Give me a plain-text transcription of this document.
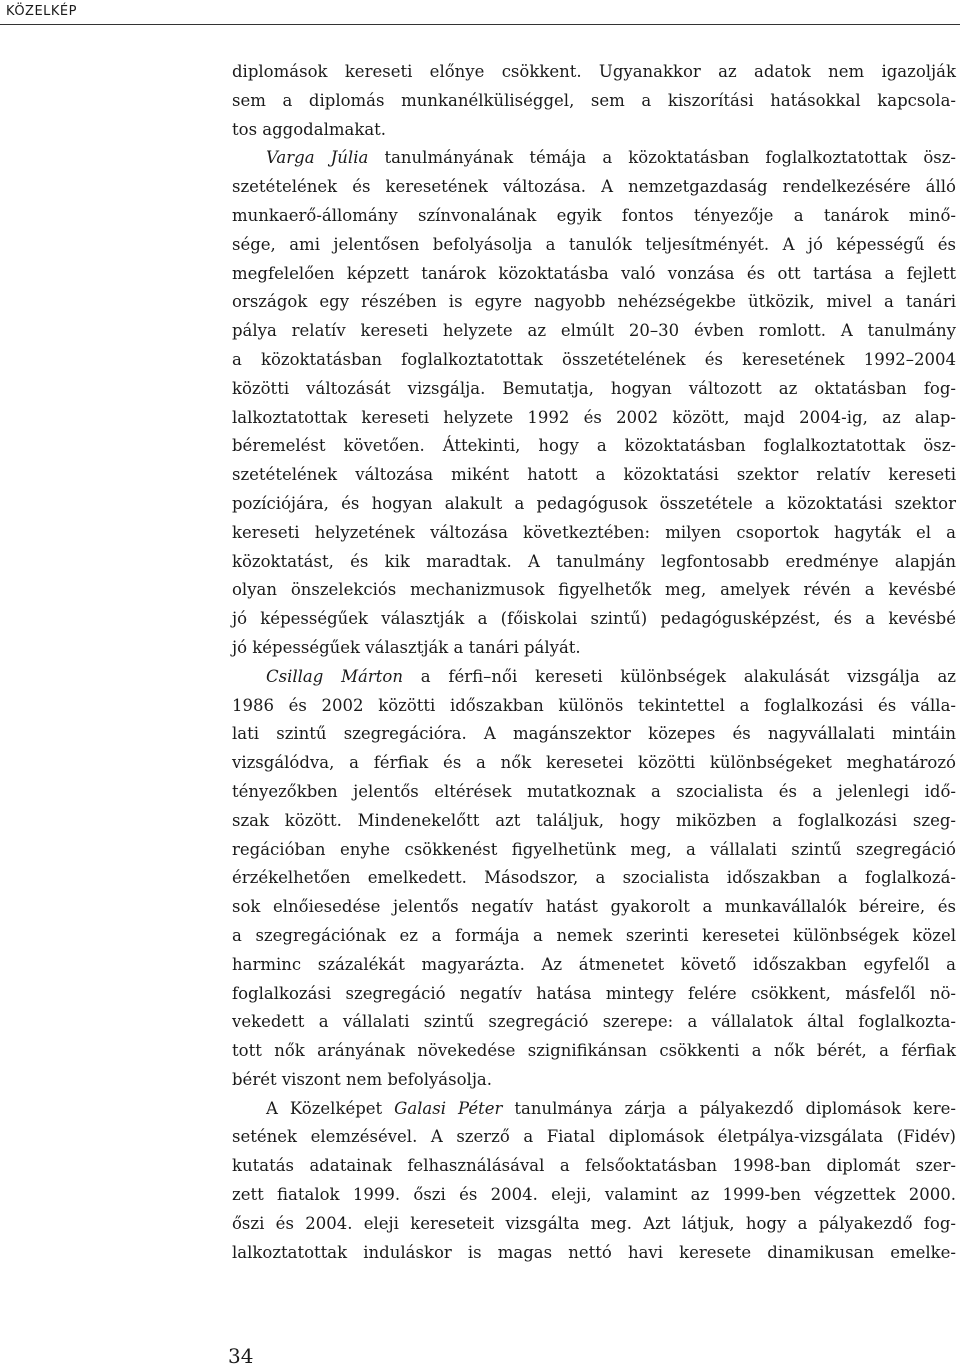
KÖZELKÉP
diplomások kereseti előnye csökkent. Ugyanakkor az adatok nem igazolják
sem a diplomás munkanélküliséggel, sem a kiszorítási hatásokkal kapcsola-
tos aggodalmakat.
Varga Júlia tanulmányának témája a közoktatásban foglalkoztatottak ösz-
szetételének és keresetének változása. A nemzetgazdaság rendelkezésére álló
munkaerő-állomány színvonalának egyik fontos tényezője a tanárok minő-
sége, ami jelentősen befolyásolja a tanulók teljesítményét. A jó képességű és
megfelelően képzett tanárok közoktatásba való vonzása és ott tartása a fejlett
országok egy részében is egyre nagyobb nehézségekbe ütközik, mivel a tanári
pálya relatív kereseti helyzete az elmúlt 20–30 évben romlott. A tanulmány
a közoktatásban foglalkoztatottak összetételének és keresetének 1992–2004
közötti változását vizsgálja. Bemutatja, hogyan változott az oktatásban fog-
lalkoztatottak kereseti helyzete 1992 és 2002 között, majd 2004-ig, az alap-
béremelést követően. Áttekinti, hogy a közoktatásban foglalkoztatottak ösz-
szetételének változása miként hatott a közoktatási szektor relatív kereseti
pozíciójára, és hogyan alakult a pedagógusok összetétele a közoktatási szektor
kereseti helyzetének változása következtében: milyen csoportok hagyták el a
közoktatást, és kik maradtak. A tanulmány legfontosabb eredménye alapján
olyan önszelekciós mechanizmusok figyelhetők meg, amelyek révén a kevésbé
jó képességűek választják a (főiskolai szintű) pedagógusképzést, és a kevésbé
jó képességűek választják a tanári pályát.
Csillag Márton a férfi–női kereseti különbségek alakulását vizsgálja az
1986 és 2002 közötti időszakban különös tekintettel a foglalkozási és válla-
lati szintű szegregációra. A magánszektor közepes és nagyvállalati mintáin
vizsgálódva, a férfiak és a nők keresetei közötti különbségeket meghatározó
tényezőkben jelentős eltérések mutatkoznak a szocialista és a jelenlegi idő-
szak között. Mindenekelőtt azt találjuk, hogy miközben a foglalkozási szeg-
regációban enyhe csökkenést figyelhetünk meg, a vállalati szintű szegregáció
érzékelhetően emelkedett. Másodszor, a szocialista időszakban a foglalkozá-
sok elnőiesedése jelentős negatív hatást gyakorolt a munkavállalók béreire, és
a szegregációnak ez a formája a nemek szerinti keresetei különbségek közel
harminc százalékát magyarázta. Az átmenetet követő időszakban egyfelől a
foglalkozási szegregáció negatív hatása mintegy felére csökkent, másfelől nö-
vekedett a vállalati szintű szegregáció szerepe: a vállalatok által foglalkozta-
tott nők arányának növekedése szignifikánsan csökkenti a nők bérét, a férfiak
bérét viszont nem befolyásolja.
A Közelképet Galasi Péter tanulmánya zárja a pályakezdő diplomások kere-
setének elemzésével. A szerző a Fiatal diplomások életpálya-vizsgálata (Fidév)
kutatás adatainak felhasználásával a felsőoktatásban 1998-ban diplomát szer-
zett fiatalok 1999. őszi és 2004. eleji, valamint az 1999-ben végzettek 2000.
őszi és 2004. eleji kereseteit vizsgálta meg. Azt látjuk, hogy a pályakezdő fog-
lalkoztatottak induláskor is magas nettó havi keresete dinamikusan emelke-
34
